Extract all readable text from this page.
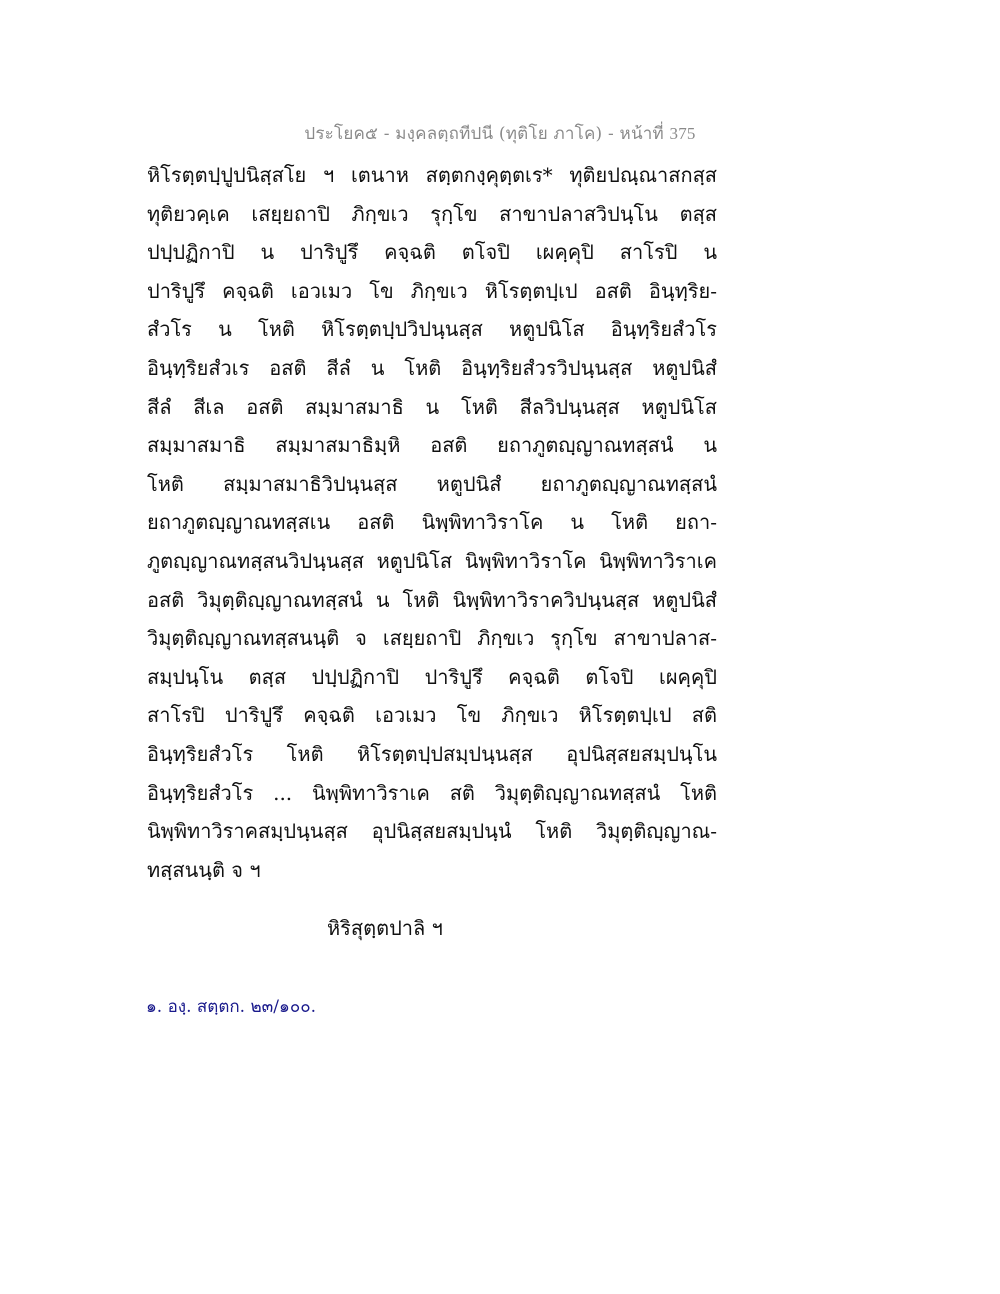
ประโยค๕ - มงฺคลตฺถทีปนี (ทุติโย ภาโค) - หน้าที่ 375
หิโรตฺตปฺปูปนิสฺสโย ฯ เตนาห สตฺตกงฺคุตฺตเร* ทุติยปณฺณาสกสฺส
ทุติยวคฺเค เสยฺยถาปิ ภิกฺขเว รุกฺโข สาขาปลาสวิปนฺโน ตสฺส
ปปฺปฏิกาปิ น ปาริปูรึ คจฺฉติ ตโจปิ เผคฺคุปิ สาโรปิ น
ปาริปูรึ คจฺฉติ เอวเมว โข ภิกฺขเว หิโรตฺตปฺเป อสติ อินฺทฺริย-
สํวโร น โหติ หิโรตฺตปฺปวิปนฺนสฺส หตูปนิโส อินฺทฺริยสํวโร
อินฺทฺริยสํวเร อสติ สีลํ น โหติ อินฺทฺริยสํวรวิปนฺนสฺส หตูปนิสํ
สีลํ สีเล อสติ สมฺมาสมาธิ น โหติ สีลวิปนฺนสฺส หตูปนิโส
สมฺมาสมาธิ สมฺมาสมาธิมฺหิ อสติ ยถาภูตญฺญาณทสฺสนํ น
โหติ สมฺมาสมาธิวิปนฺนสฺส หตูปนิสํ ยถาภูตญฺญาณทสฺสนํ
ยถาภูตญฺญาณทสฺสเน อสติ นิพฺพิทาวิราโค น โหติ ยถา-
ภูตญฺญาณทสฺสนวิปนฺนสฺส หตูปนิโส นิพฺพิทาวิราโค นิพฺพิทาวิราเค
อสติ วิมุตฺติญฺญาณทสฺสนํ น โหติ นิพฺพิทาวิราควิปนฺนสฺส หตูปนิสํ
วิมุตฺติญฺญาณทสฺสนนฺติ จ เสยฺยถาปิ ภิกฺขเว รุกฺโข สาขาปลาส-
สมฺปนฺโน ตสฺส ปปฺปฏิกาปิ ปาริปูรึ คจฺฉติ ตโจปิ เผคฺคุปิ
สาโรปิ ปาริปูรึ คจฺฉติ เอวเมว โข ภิกฺขเว หิโรตฺตปฺเป สติ
อินฺทฺริยสํวโร โหติ หิโรตฺตปฺปสมฺปนฺนสฺส อุปนิสฺสยสมฺปนฺโน
อินฺทฺริยสํวโร ... นิพฺพิทาวิราเค สติ วิมุตฺติญฺญาณทสฺสนํ โหติ
นิพฺพิทาวิราคสมฺปนฺนสฺส อุปนิสฺสยสมฺปนฺนํ โหติ วิมุตฺติญฺญาณ-
ทสฺสนนฺติ จ ฯ
หิริสุตฺตปาลิ ฯ
๑. องฺ. สตฺตก. ๒๓/๑๐๐.
